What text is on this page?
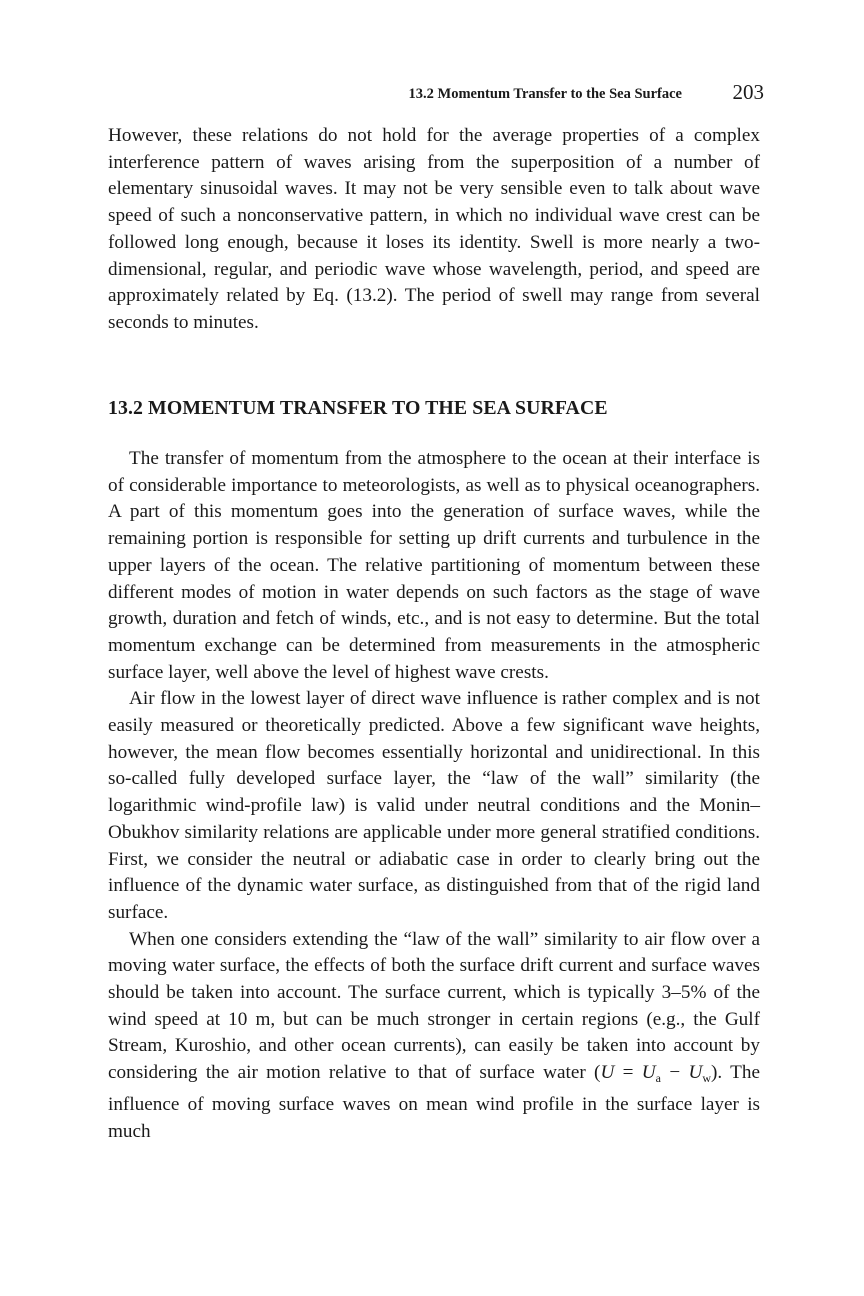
13.2 Momentum Transfer to the Sea Surface 203

However, these relations do not hold for the average properties of a complex interference pattern of waves arising from the superposition of a number of elementary sinusoidal waves. It may not be very sensible even to talk about wave speed of such a nonconservative pattern, in which no individual wave crest can be followed long enough, because it loses its identity. Swell is more nearly a two-dimensional, regular, and periodic wave whose wavelength, period, and speed are approximately related by Eq. (13.2). The period of swell may range from several seconds to minutes.

13.2 MOMENTUM TRANSFER TO THE SEA SURFACE

The transfer of momentum from the atmosphere to the ocean at their interface is of considerable importance to meteorologists, as well as to physical oceanographers. A part of this momentum goes into the generation of surface waves, while the remaining portion is responsible for setting up drift currents and turbulence in the upper layers of the ocean. The relative partitioning of momentum between these different modes of motion in water depends on such factors as the stage of wave growth, duration and fetch of winds, etc., and is not easy to determine. But the total momentum exchange can be determined from measurements in the atmospheric surface layer, well above the level of highest wave crests.

Air flow in the lowest layer of direct wave influence is rather complex and is not easily measured or theoretically predicted. Above a few significant wave heights, however, the mean flow becomes essentially horizontal and unidirectional. In this so-called fully developed surface layer, the “law of the wall” similarity (the logarithmic wind-profile law) is valid under neutral conditions and the Monin–Obukhov similarity relations are applicable under more general stratified conditions. First, we consider the neutral or adiabatic case in order to clearly bring out the influence of the dynamic water surface, as distinguished from that of the rigid land surface.

When one considers extending the “law of the wall” similarity to air flow over a moving water surface, the effects of both the surface drift current and surface waves should be taken into account. The surface current, which is typically 3–5% of the wind speed at 10 m, but can be much stronger in certain regions (e.g., the Gulf Stream, Kuroshio, and other ocean currents), can easily be taken into account by considering the air motion relative to that of surface water $(U = U_a - U_w)$. The influence of moving surface waves on mean wind profile in the surface layer is much
